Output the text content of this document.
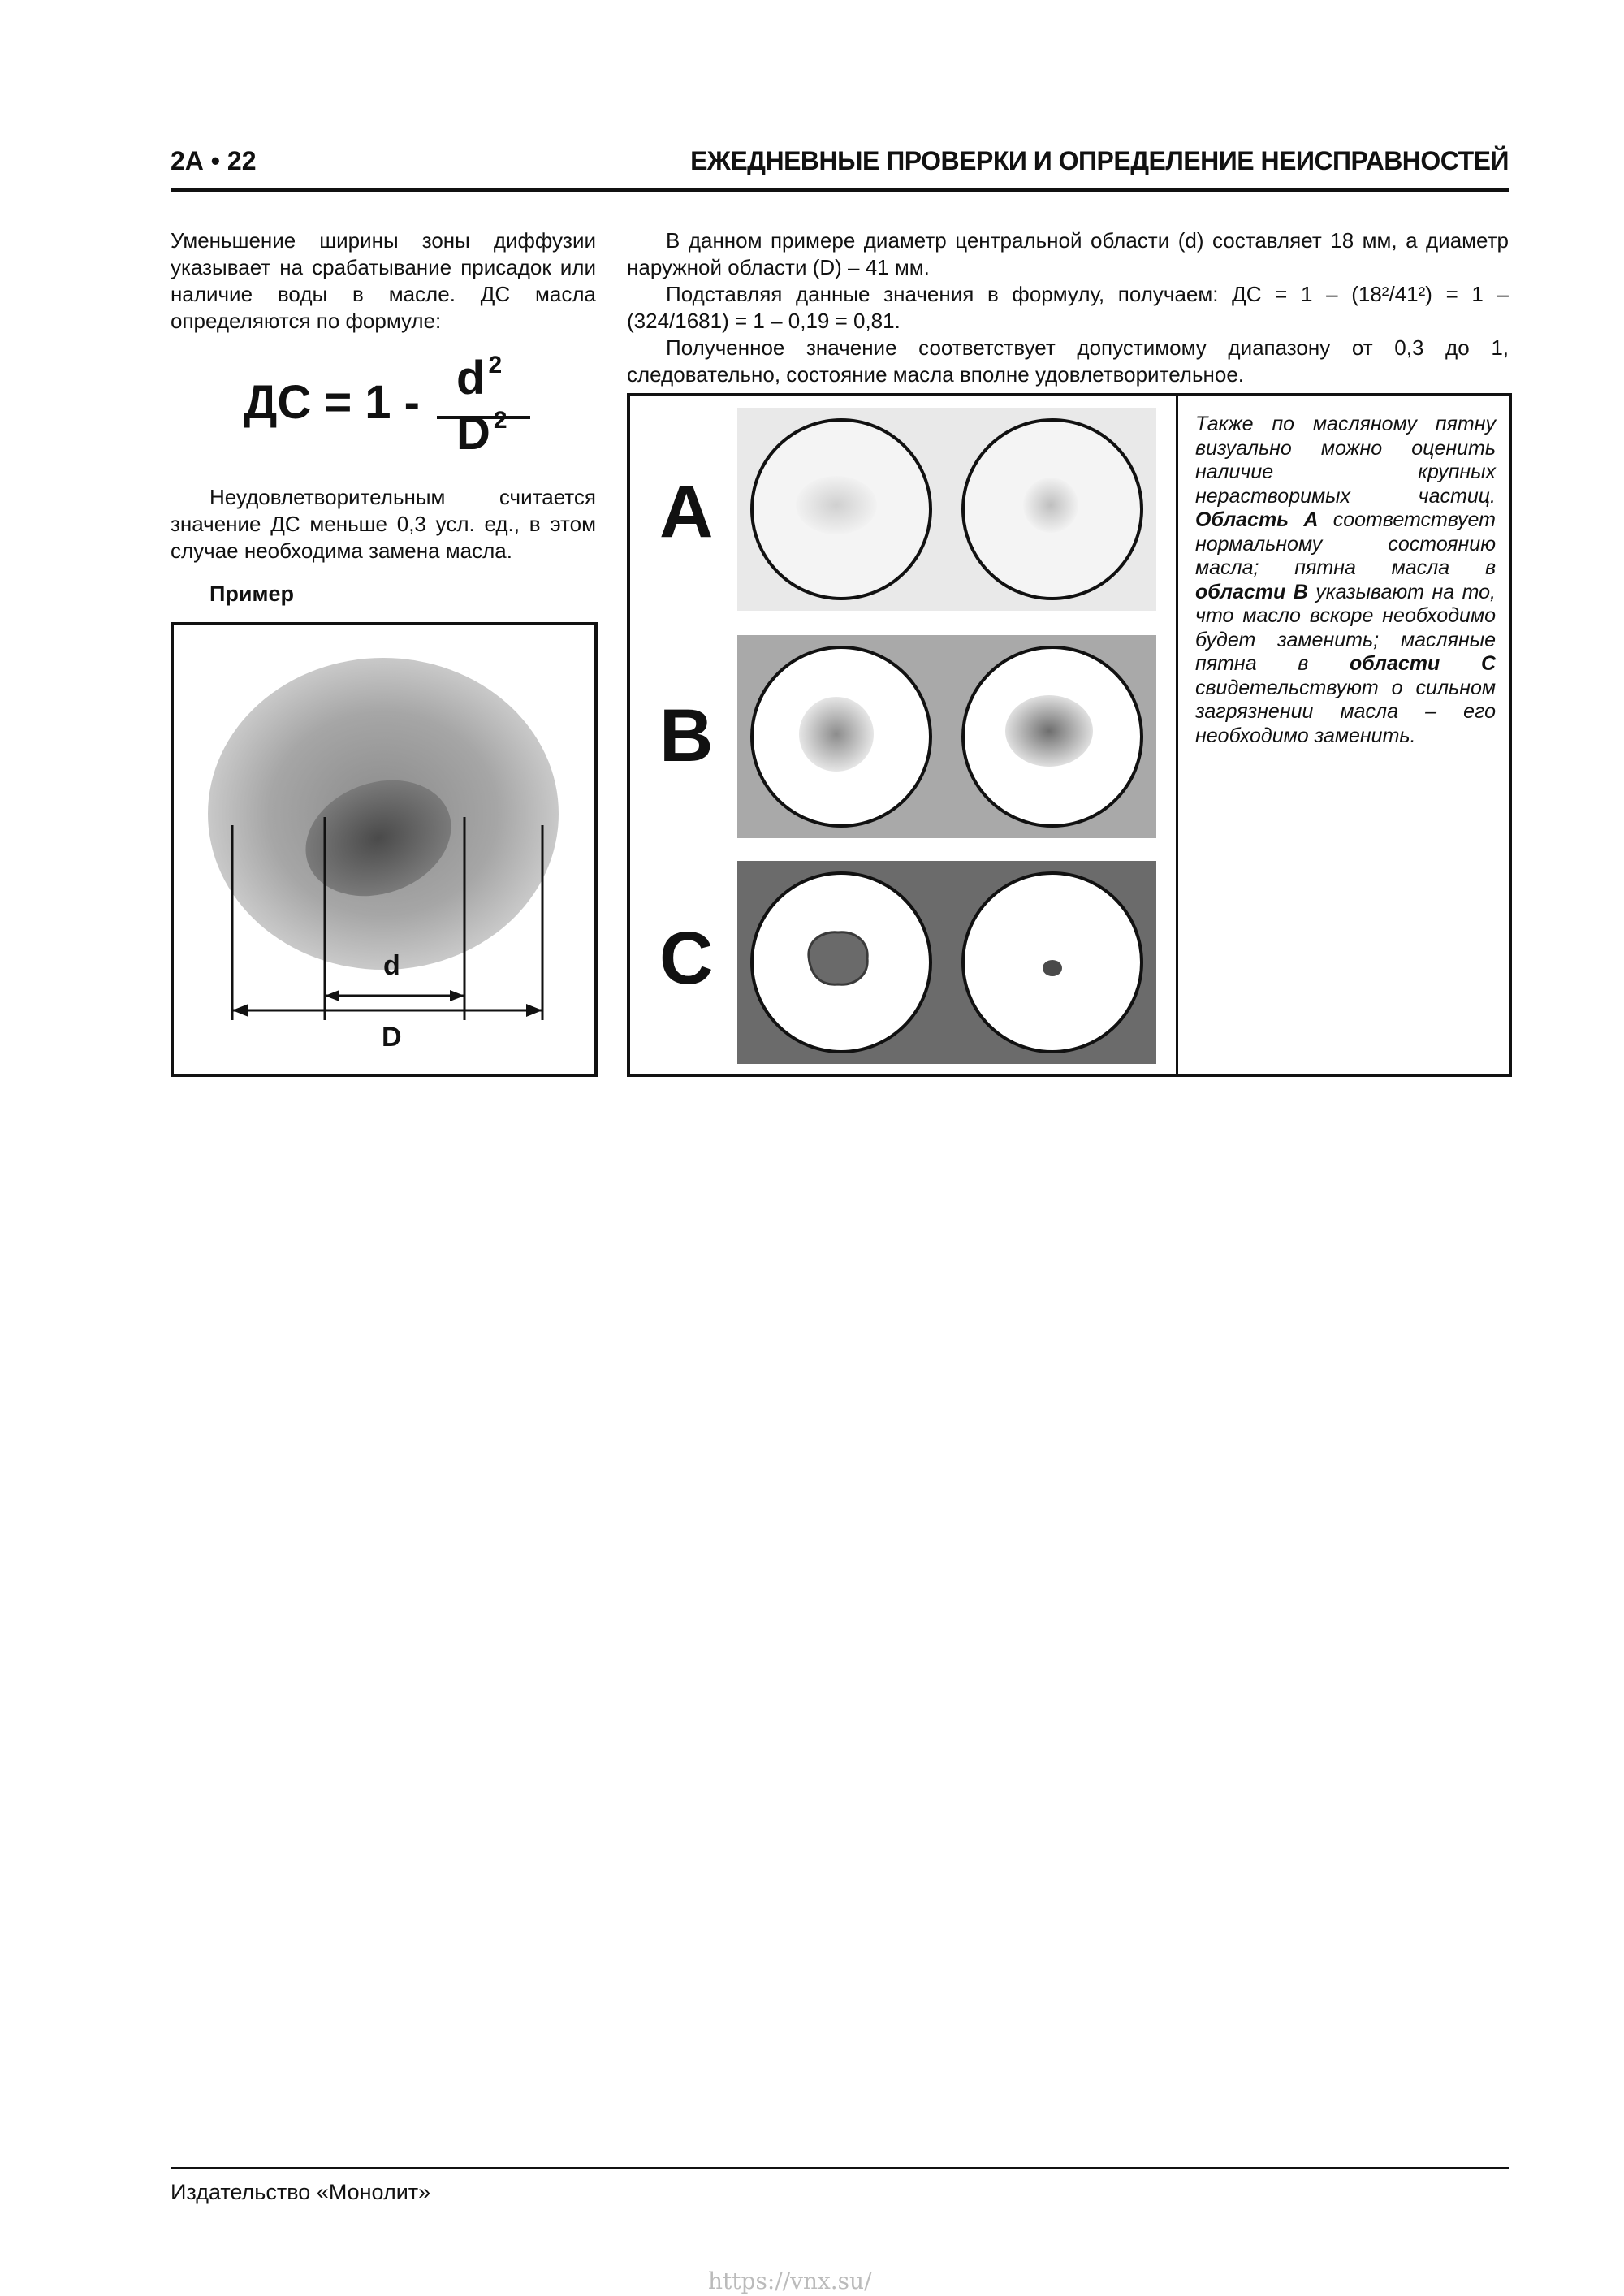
2А • 22	ЕЖЕДНЕВНЫЕ ПРОВЕРКИ И ОПРЕДЕЛЕНИЕ НЕИСПРАВНОСТЕЙ

Уменьшение ширины зоны диффузии указывает на срабатывание присадок или наличие воды в масле. ДС масла определяются по формуле:

ДС = 1 - d $^2$
D $^2$

Неудовлетворительным считается значение ДС меньше 0,3 усл. ед., в этом случае необходима замена масла.

Пример
d
D

В данном примере диаметр центральной области (d) составляет 18 мм, а диаметр наружной области (D) – 41 мм.

Подставляя данные значения в формулу, получаем: ДС = 1 – (18²/41²) = 1 – (324/1681) = 1 – 0,19 = 0,81.

Полученное значение соответствует допустимому диапазону от 0,3 до 1, следовательно, состояние масла вполне удовлетворительное.

A
B
C
Также по масляному пятну визуально можно оценить наличие крупных нерастворимых частиц. Область А соответствует нормальному состоянию масла; пятна масла в области В указывают на то, что масло вскоре необходимо будет заменить; масляные пятна в области С свидетельствуют о сильном загрязнении масла – его необходимо заменить.
Издательство «Монолит»
https://vnx.su/
